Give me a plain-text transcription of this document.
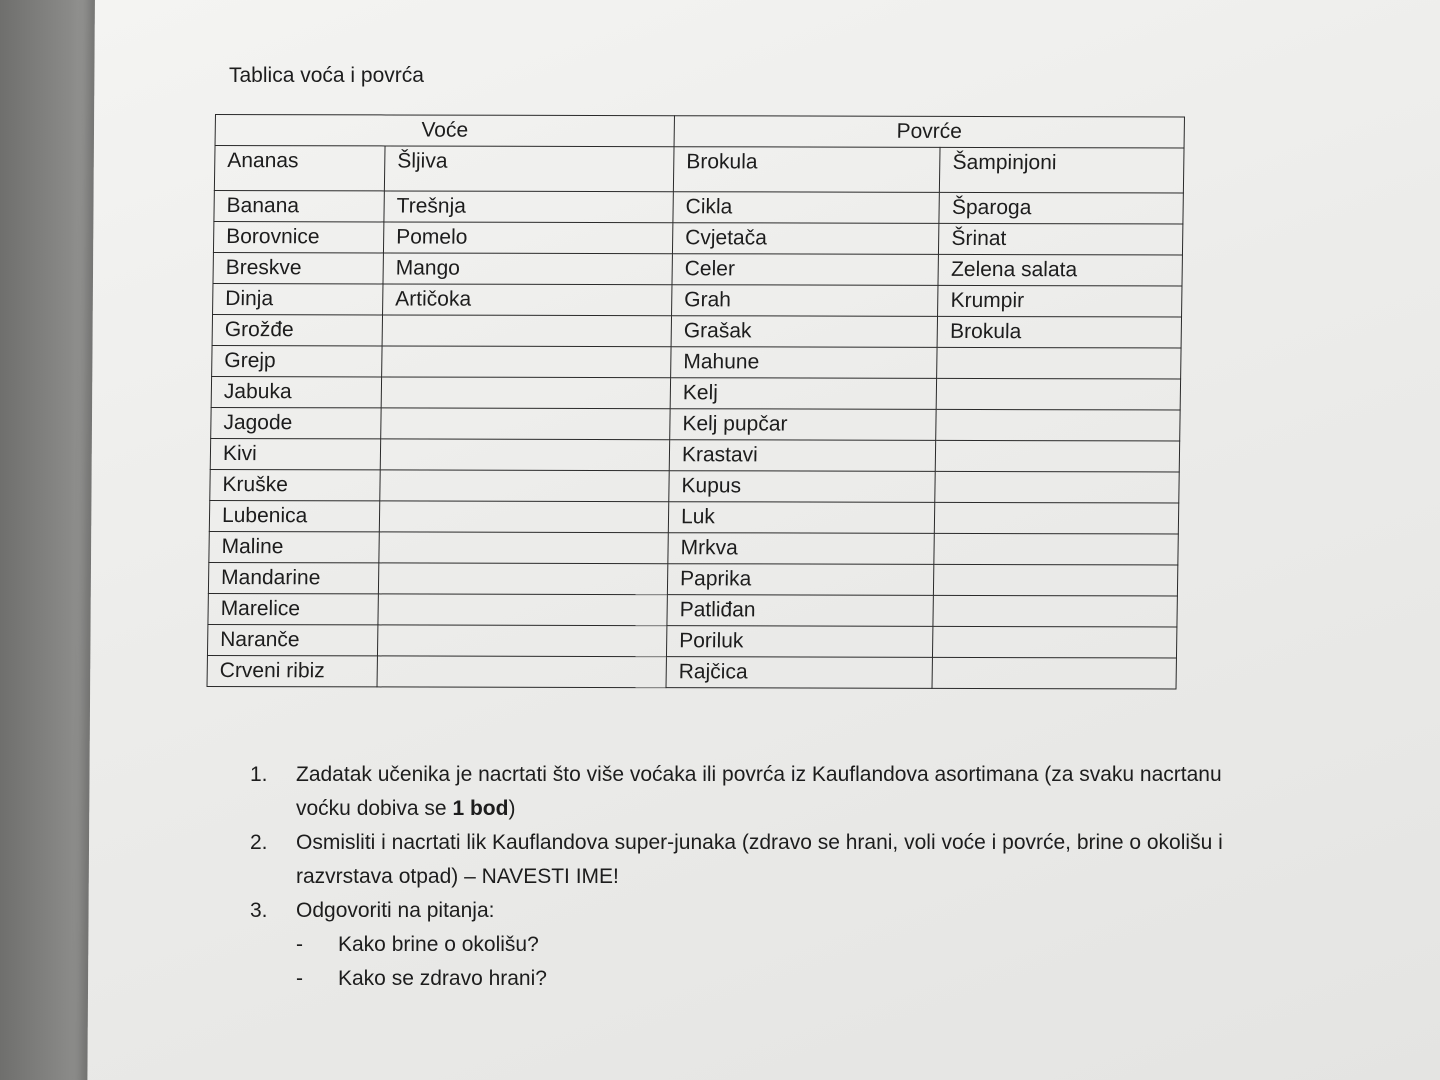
Tablica voća i povrća
Voće		Povrće	
Ananas	Šljiva	Brokula	Šampinjoni
Banana	Trešnja	Cikla	Šparoga
Borovnice	Pomelo	Cvjetača	Šrinat
Breskve	Mango	Celer	Zelena salata
Dinja	Artičoka	Grah	Krumpir
Grožđe		Grašak	Brokula
Grejp		Mahune	
Jabuka		Kelj	
Jagode		Kelj pupčar	
Kivi		Krastavi	
Kruške		Kupus	
Lubenica		Luk	
Maline		Mrkva	
Mandarine		Paprika	
Marelice		Patliđan	
Naranče		Poriluk	
Crveni ribiz		Rajčica	
1.	Zadatak učenika je nacrtati što više voćaka ili povrća iz Kauflandova asortimana (za svaku nacrtanu voćku dobiva se 1 bod)
2.	Osmisliti i nacrtati lik Kauflandova super-junaka (zdravo se hrani, voli voće i povrće, brine o okolišu i razvrstava otpad) – NAVESTI IME!
3.	Odgovoriti na pitanja:
-	Kako brine o okolišu?
-	Kako se zdravo hrani?
